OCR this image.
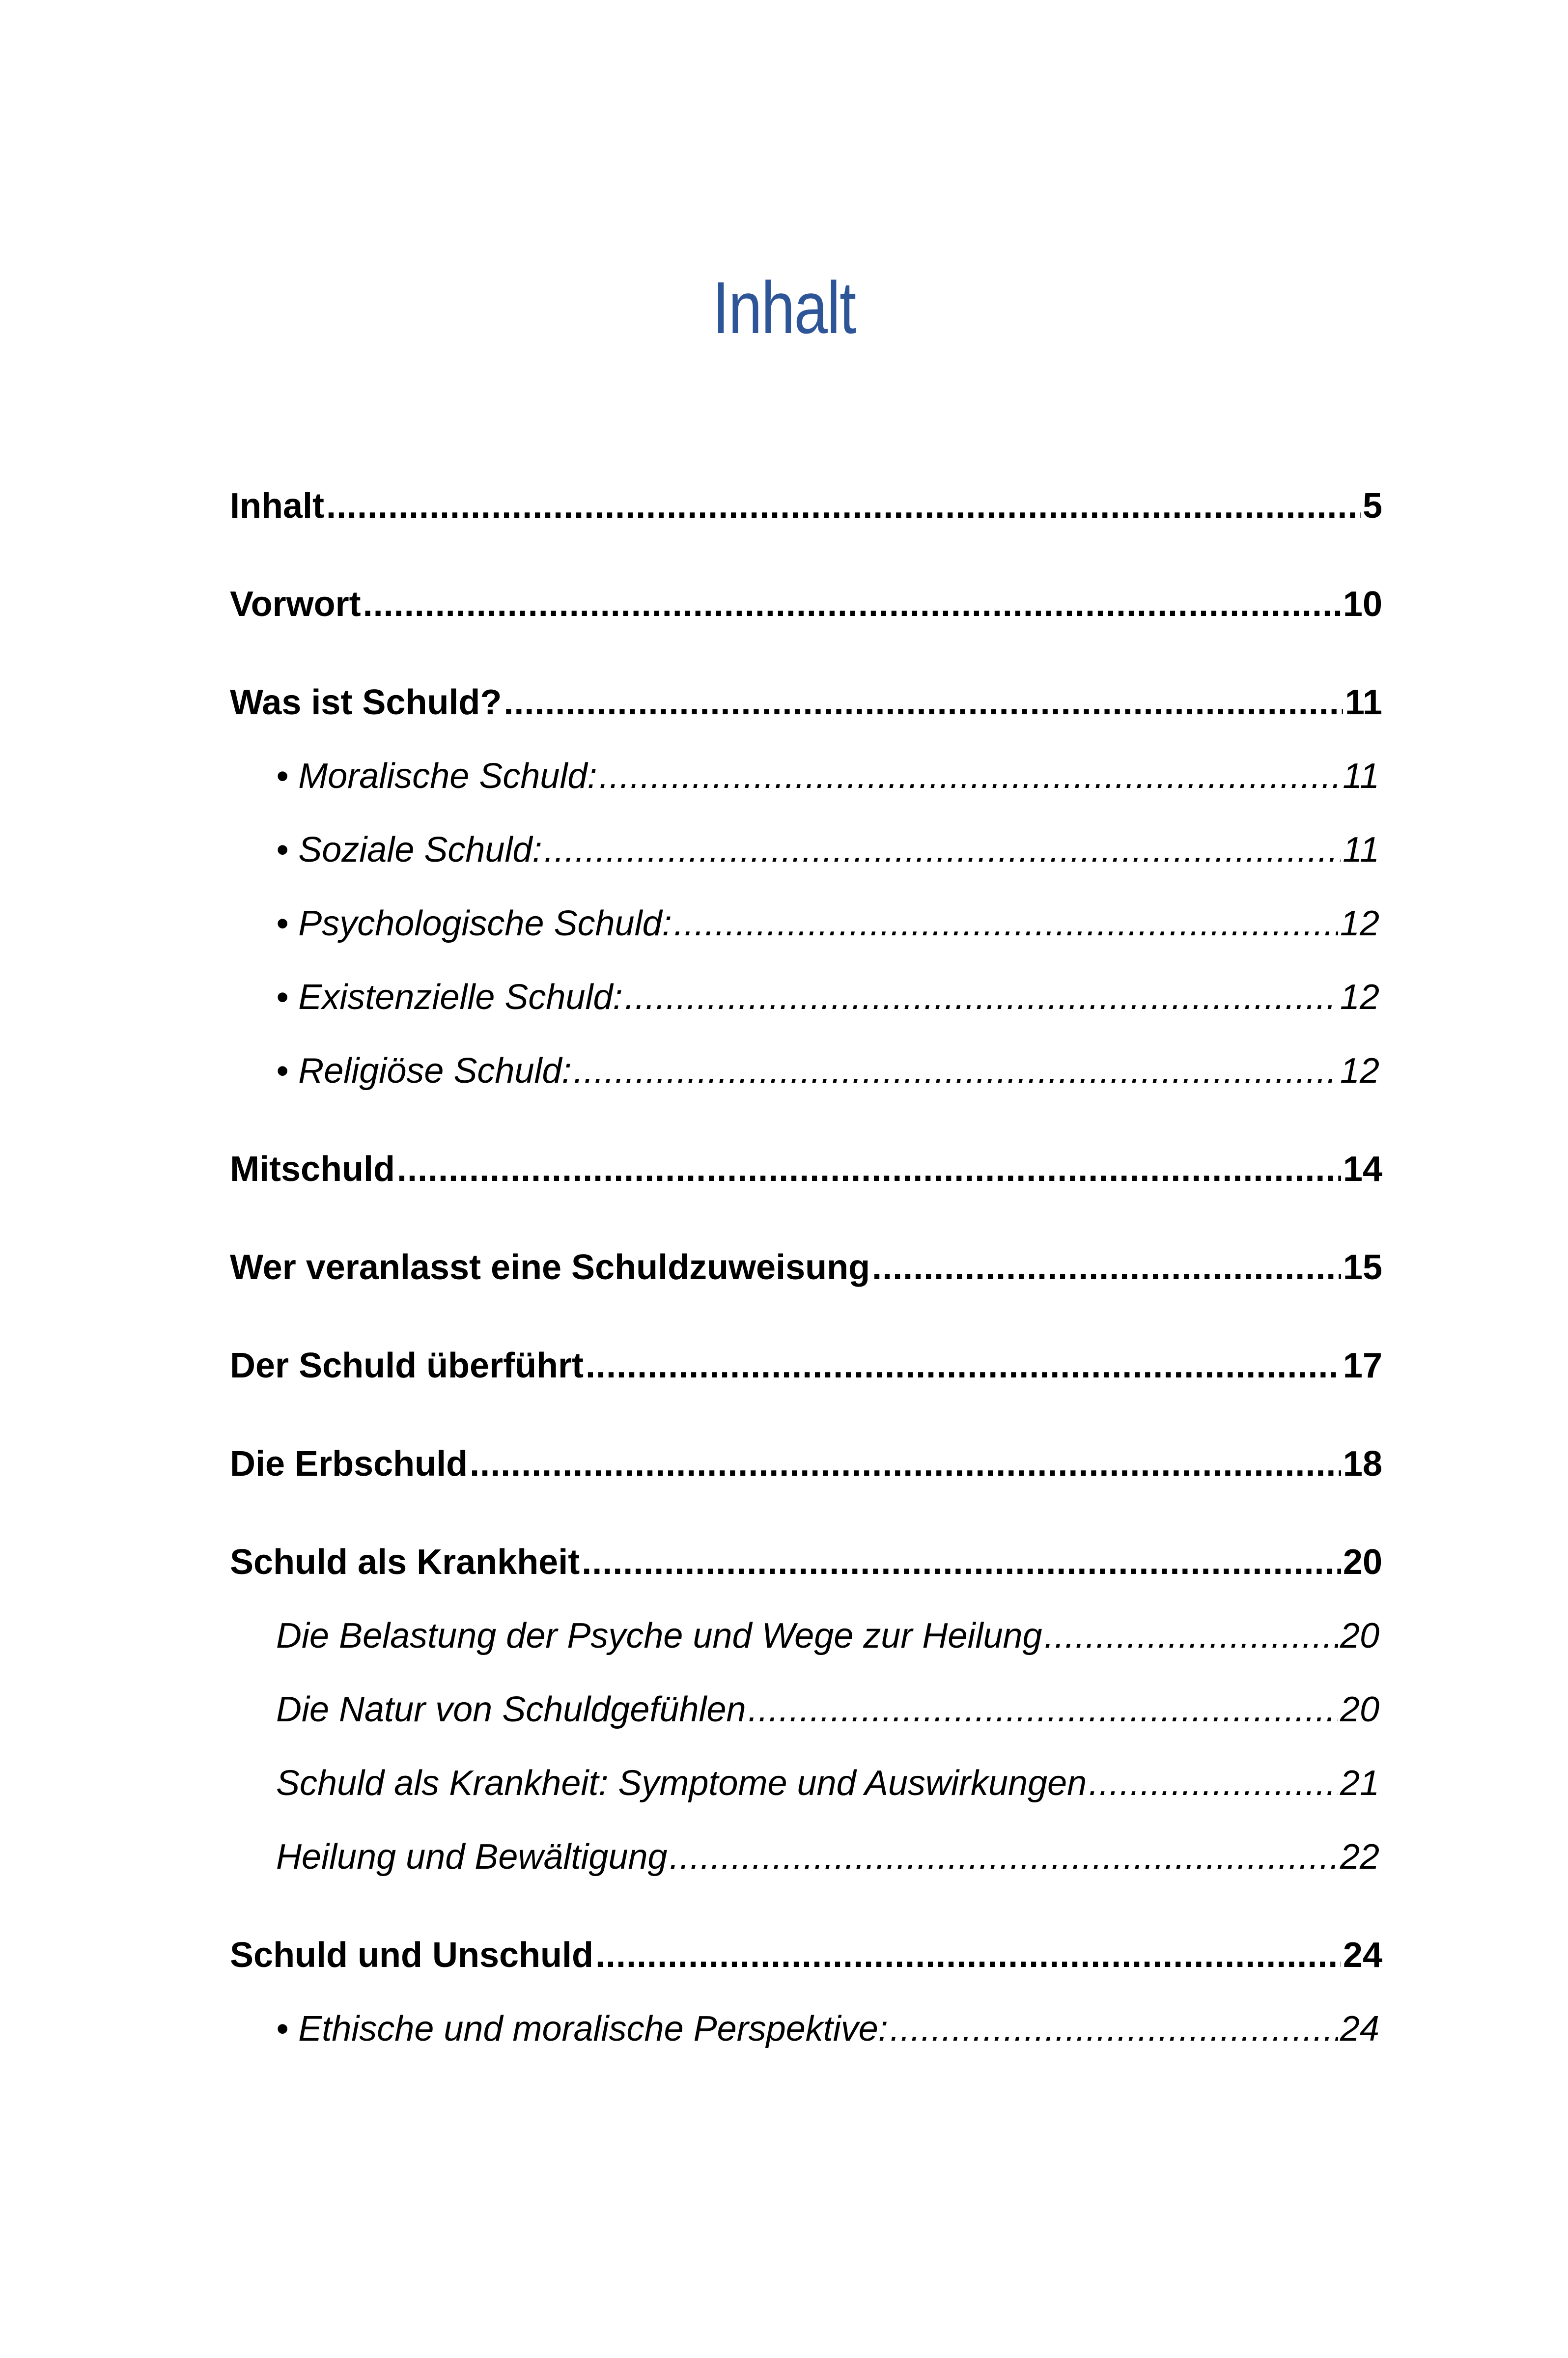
Inhalt
Inhalt .....	5
Vorwort .....	10
Was ist Schuld? .....	11
• Moralische Schuld: .....	11
• Soziale Schuld: .....	11
• Psychologische Schuld: .....	12
• Existenzielle Schuld: .....	12
• Religiöse Schuld: .....	12
Mitschuld .....	14
Wer veranlasst eine Schuldzuweisung .....	15
Der Schuld überführt .....	17
Die Erbschuld .....	18
Schuld als Krankheit .....	20
Die Belastung der Psyche und Wege zur Heilung .....	20
Die Natur von Schuldgefühlen .....	20
Schuld als Krankheit: Symptome und Auswirkungen .....	21
Heilung und Bewältigung .....	22
Schuld und Unschuld .....	24
• Ethische und moralische Perspektive: .....	24
